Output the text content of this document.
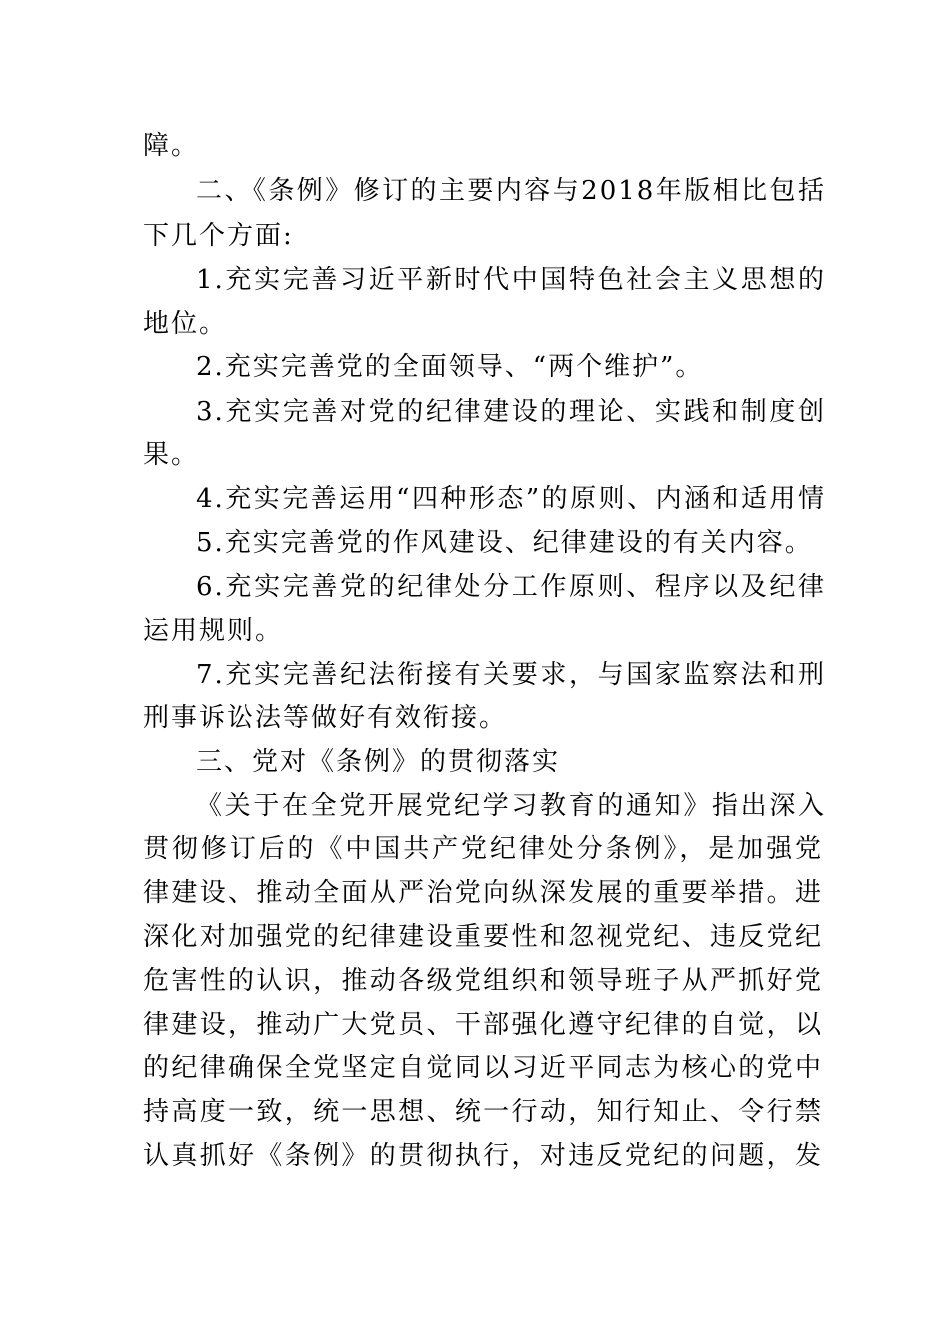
障。
二、《条例》修订的主要内容与2018年版相比包括
下几个方面:
1.充实完善习近平新时代中国特色社会主义思想的
地位。
2.充实完善党的全面领导、“两个维护”。
3.充实完善对党的纪律建设的理论、实践和制度创
果。
4.充实完善运用“四种形态”的原则、内涵和适用情
5.充实完善党的作风建设、纪律建设的有关内容。
6.充实完善党的纪律处分工作原则、程序以及纪律
运用规则。
7.充实完善纪法衔接有关要求，与国家监察法和刑
刑事诉讼法等做好有效衔接。
三、党对《条例》的贯彻落实
《关于在全党开展党纪学习教育的通知》指出深入
贯彻修订后的《中国共产党纪律处分条例》，是加强党
律建设、推动全面从严治党向纵深发展的重要举措。进
深化对加强党的纪律建设重要性和忽视党纪、违反党纪
危害性的认识，推动各级党组织和领导班子从严抓好党
律建设，推动广大党员、干部强化遵守纪律的自觉，以
的纪律确保全党坚定自觉同以习近平同志为核心的党中
持高度一致，统一思想、统一行动，知行知止、令行禁
认真抓好《条例》的贯彻执行，对违反党纪的问题，发
